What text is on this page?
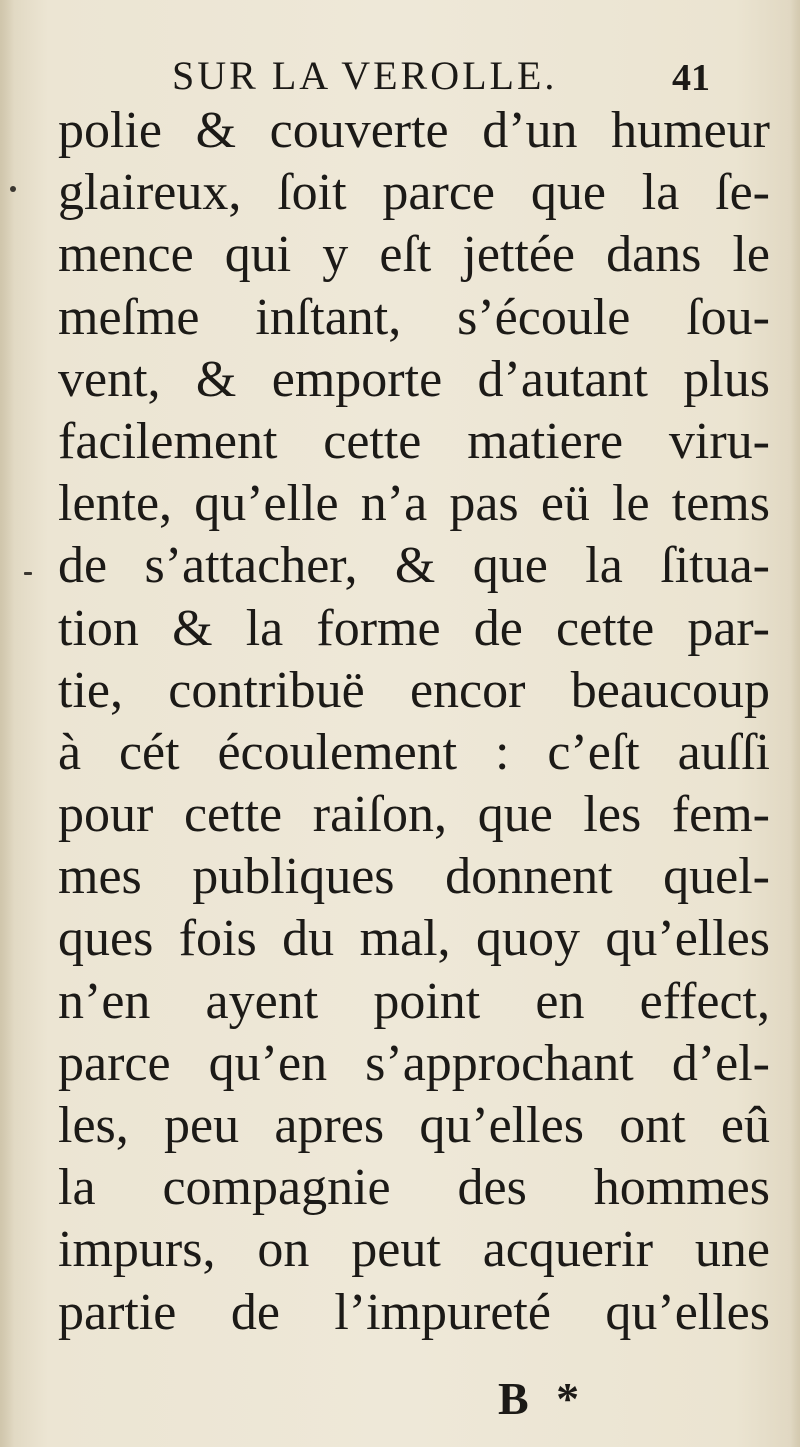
SUR LA VEROLLE.	41
polie & couverte d’un humeur
glaireux, ſoit parce que la ſe-
mence qui y eſt jettée dans le
meſme inſtant, s’écoule ſou-
vent, & emporte d’autant plus
facilement cette matiere viru-
lente, qu’elle n’a pas eü le tems
de s’attacher, & que la ſitua-
tion & la forme de cette par-
tie, contribuë encor beaucoup
à cét écoulement : c’eſt auſſi
pour cette raiſon, que les fem-
mes publiques donnent quel-
ques fois du mal, quoy qu’elles
n’en ayent point en effect,
parce qu’en s’approchant d’el-
les, peu apres qu’elles ont eû
la compagnie des hommes
impurs, on peut acquerir une
partie de l’impureté qu’elles
B *
